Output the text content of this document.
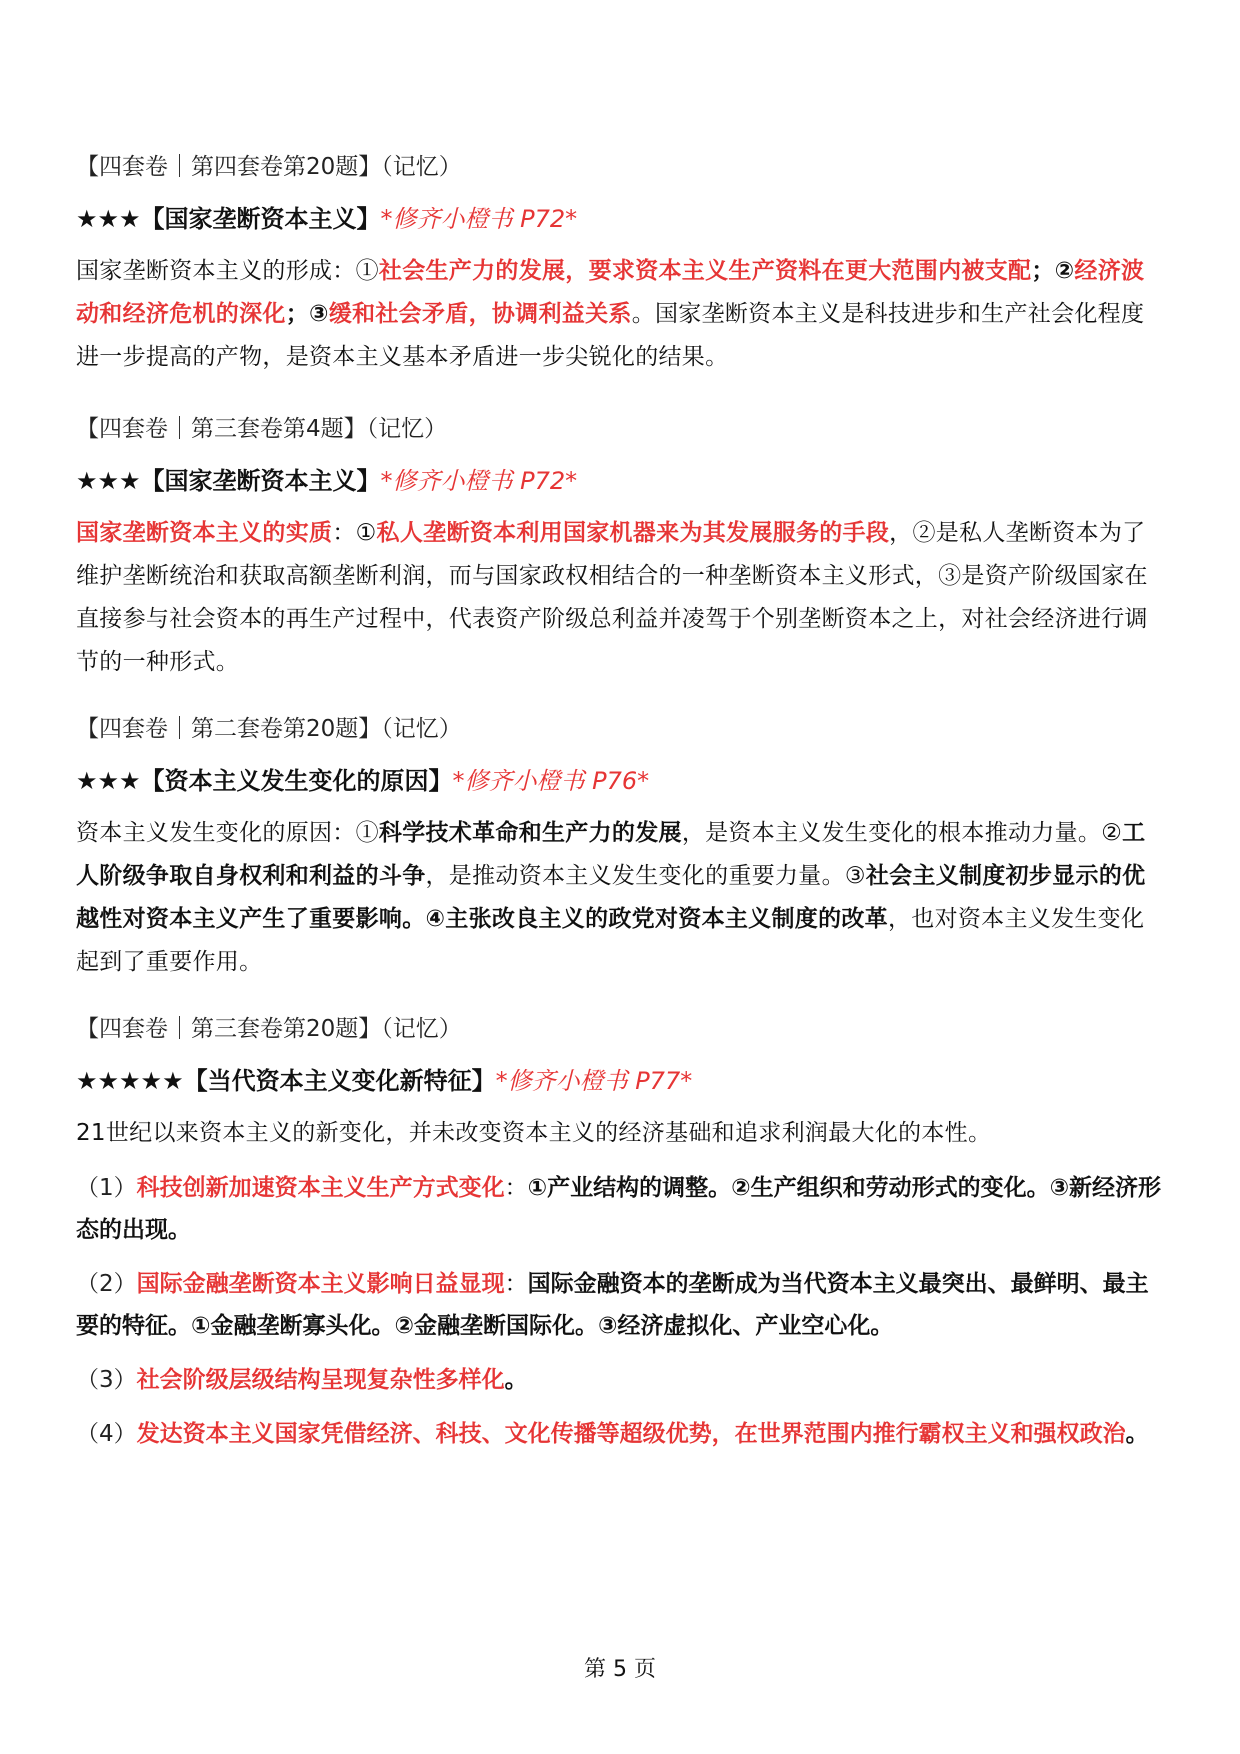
【四套卷｜第四套卷第20题】（记忆）
★★★【国家垄断资本主义】*修齐小橙书 P72*
国家垄断资本主义的形成：①社会生产力的发展，要求资本主义生产资料在更大范围内被支配；②经济波动和经济危机的深化；③缓和社会矛盾，协调利益关系。国家垄断资本主义是科技进步和生产社会化程度进一步提高的产物，是资本主义基本矛盾进一步尖锐化的结果。
【四套卷｜第三套卷第4题】（记忆）
★★★【国家垄断资本主义】*修齐小橙书 P72*
国家垄断资本主义的实质：①私人垄断资本利用国家机器来为其发展服务的手段，②是私人垄断资本为了维护垄断统治和获取高额垄断利润，而与国家政权相结合的一种垄断资本主义形式，③是资产阶级国家在直接参与社会资本的再生产过程中，代表资产阶级总利益并凌驾于个别垄断资本之上，对社会经济进行调节的一种形式。
【四套卷｜第二套卷第20题】（记忆）
★★★【资本主义发生变化的原因】*修齐小橙书 P76*
资本主义发生变化的原因：①科学技术革命和生产力的发展，是资本主义发生变化的根本推动力量。②工人阶级争取自身权利和利益的斗争，是推动资本主义发生变化的重要力量。③社会主义制度初步显示的优越性对资本主义产生了重要影响。④主张改良主义的政党对资本主义制度的改革，也对资本主义发生变化起到了重要作用。
【四套卷｜第三套卷第20题】（记忆）
★★★★★【当代资本主义变化新特征】*修齐小橙书 P77*
21世纪以来资本主义的新变化，并未改变资本主义的经济基础和追求利润最大化的本性。
（1）科技创新加速资本主义生产方式变化：①产业结构的调整。②生产组织和劳动形式的变化。③新经济形态的出现。
（2）国际金融垄断资本主义影响日益显现：国际金融资本的垄断成为当代资本主义最突出、最鲜明、最主要的特征。①金融垄断寡头化。②金融垄断国际化。③经济虚拟化、产业空心化。
（3）社会阶级层级结构呈现复杂性多样化。
（4）发达资本主义国家凭借经济、科技、文化传播等超级优势，在世界范围内推行霸权主义和强权政治。
第 5 页
